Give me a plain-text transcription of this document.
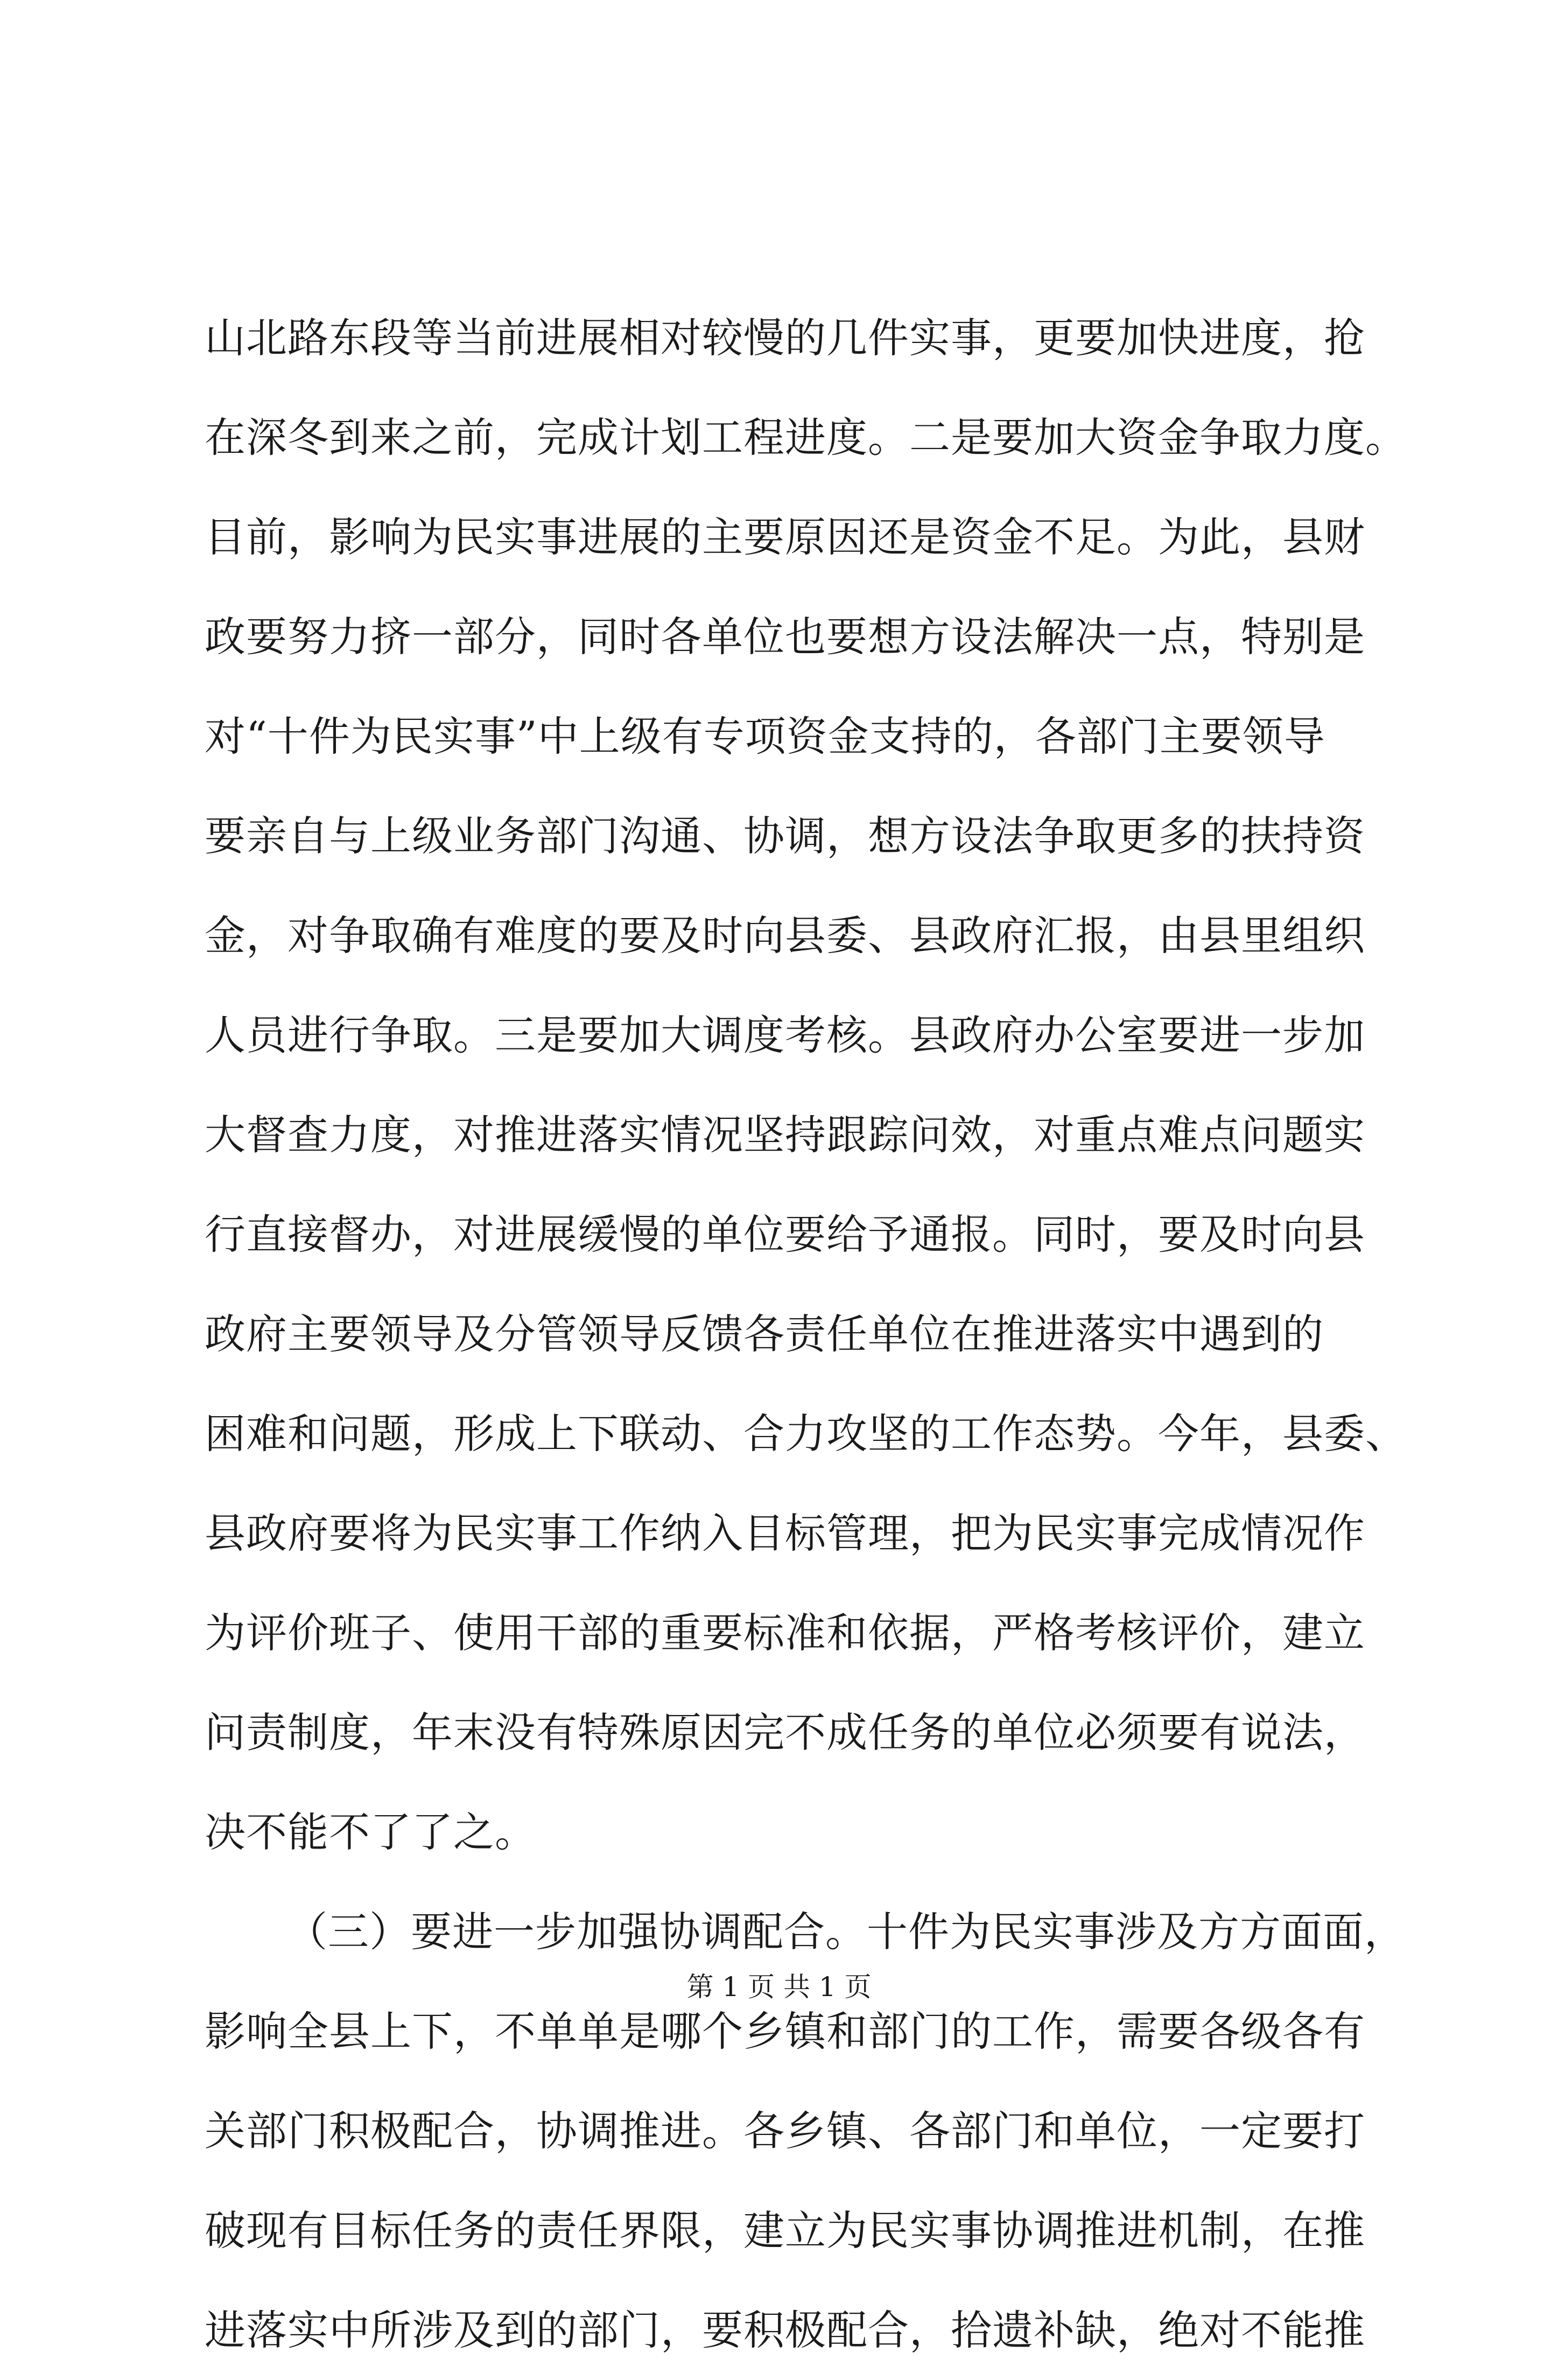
山北路东段等当前进展相对较慢的几件实事，更要加快进度，抢
在深冬到来之前，完成计划工程进度。二是要加大资金争取力度。
目前，影响为民实事进展的主要原因还是资金不足。为此，县财
政要努力挤一部分，同时各单位也要想方设法解决一点，特别是
对“十件为民实事”中上级有专项资金支持的，各部门主要领导
要亲自与上级业务部门沟通、协调，想方设法争取更多的扶持资
金，对争取确有难度的要及时向县委、县政府汇报，由县里组织
人员进行争取。三是要加大调度考核。县政府办公室要进一步加
大督查力度，对推进落实情况坚持跟踪问效，对重点难点问题实
行直接督办，对进展缓慢的单位要给予通报。同时，要及时向县
政府主要领导及分管领导反馈各责任单位在推进落实中遇到的
困难和问题，形成上下联动、合力攻坚的工作态势。今年，县委、
县政府要将为民实事工作纳入目标管理，把为民实事完成情况作
为评价班子、使用干部的重要标准和依据，严格考核评价，建立
问责制度，年末没有特殊原因完不成任务的单位必须要有说法，
决不能不了了之。
（三）要进一步加强协调配合。十件为民实事涉及方方面面，
影响全县上下，不单单是哪个乡镇和部门的工作，需要各级各有
关部门积极配合，协调推进。各乡镇、各部门和单位，一定要打
破现有目标任务的责任界限，建立为民实事协调推进机制，在推
进落实中所涉及到的部门，要积极配合，拾遗补缺，绝对不能推
第 1 页 共 1 页
